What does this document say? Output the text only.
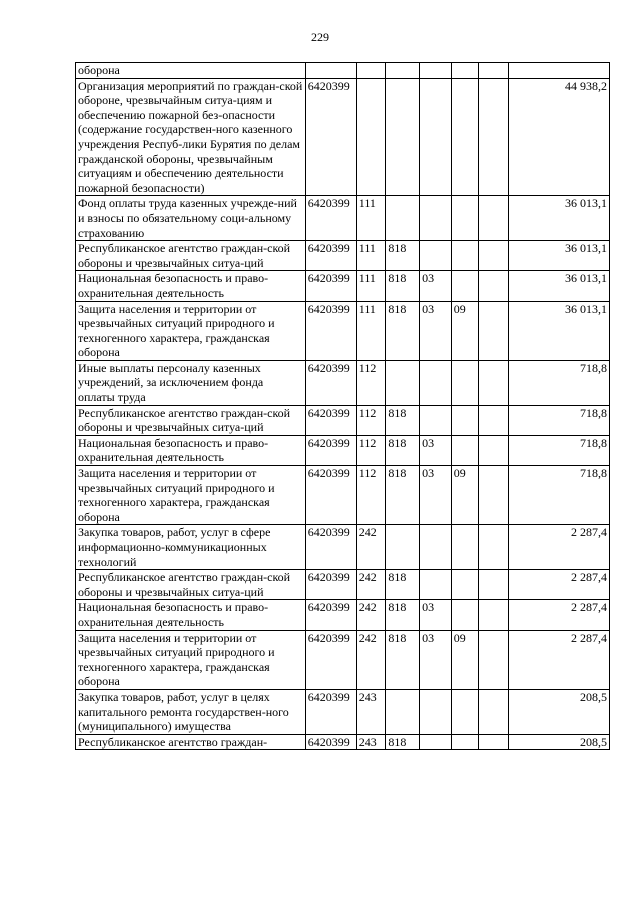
229
оборона							
Организация мероприятий по граждан-ской обороне, чрезвычайным ситуа-циям и обеспечению пожарной без-опасности (содержание государствен-ного казенного учреждения Респуб-лики Бурятия по делам гражданской обороны, чрезвычайным ситуациям и обеспечению деятельности пожарной безопасности)	6420399						44 938,2
Фонд оплаты труда казенных учрежде-ний и взносы по обязательному соци-альному страхованию	6420399	111					36 013,1
Республиканское агентство граждан-ской обороны и чрезвычайных ситуа-ций	6420399	111	818				36 013,1
Национальная безопасность и право-охранительная деятельность	6420399	111	818	03			36 013,1
Защита населения и территории от чрезвычайных ситуаций природного и техногенного характера, гражданская оборона	6420399	111	818	03	09		36 013,1
Иные выплаты персоналу казенных учреждений, за исключением фонда оплаты труда	6420399	112					718,8
Республиканское агентство граждан-ской обороны и чрезвычайных ситуа-ций	6420399	112	818				718,8
Национальная безопасность и право-охранительная деятельность	6420399	112	818	03			718,8
Защита населения и территории от чрезвычайных ситуаций природного и техногенного характера, гражданская оборона	6420399	112	818	03	09		718,8
Закупка товаров, работ, услуг в сфере информационно-коммуникационных технологий	6420399	242					2 287,4
Республиканское агентство граждан-ской обороны и чрезвычайных ситуа-ций	6420399	242	818				2 287,4
Национальная безопасность и право-охранительная деятельность	6420399	242	818	03			2 287,4
Защита населения и территории от чрезвычайных ситуаций природного и техногенного характера, гражданская оборона	6420399	242	818	03	09		2 287,4
Закупка товаров, работ, услуг в целях капитального ремонта государствен-ного (муниципального) имущества	6420399	243					208,5
Республиканское агентство граждан-	6420399	243	818				208,5
